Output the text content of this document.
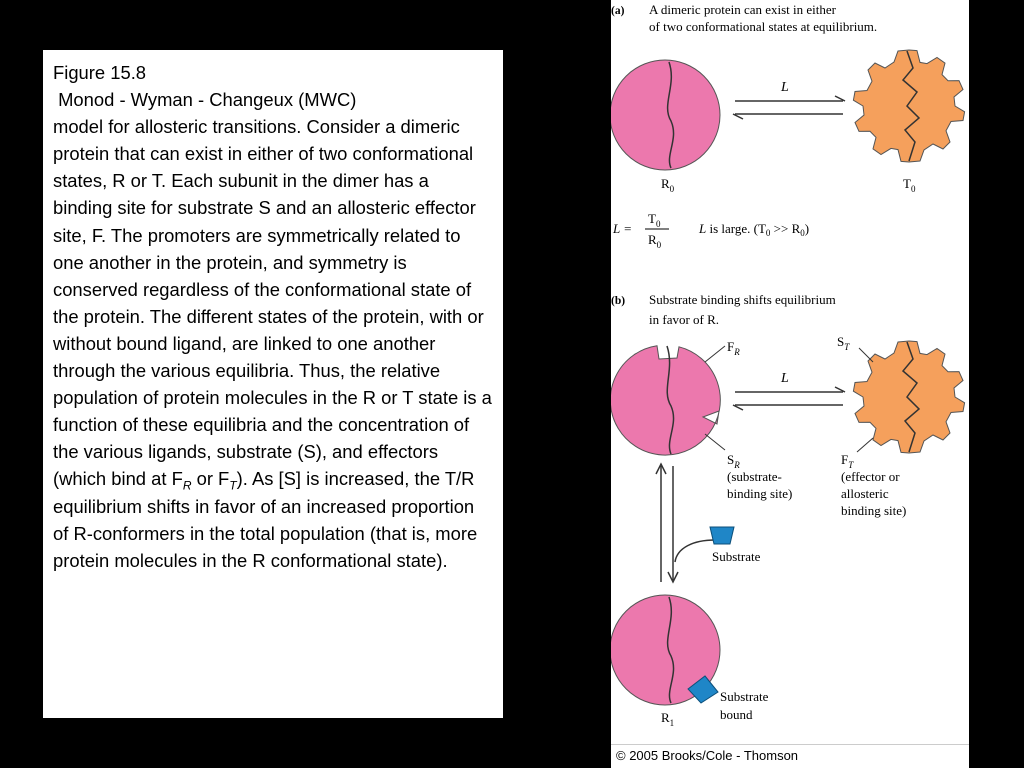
Figure 15.8

Monod - Wyman - Changeux (MWC)

model for allosteric transitions. Consider a dimeric protein that can exist in either of two conformational states, R or T. Each subunit in the dimer has a binding site for substrate S and an allosteric effector site, F. The promoters are symmetrically related to one another in the protein, and symmetry is conserved regardless of the conformational state of the protein. The different states of the protein, with or without bound ligand, are linked to one another through the various equilibria. Thus, the relative population of protein molecules in the R or T state is a function of these equilibria and the concentration of the various ligands, substrate (S), and effectors (which bind at $F_R$ or $F_T$). As [S] is increased, the T/R equilibrium shifts in favor of an increased proportion of R-conformers in the total population (that is, more protein molecules in the R conformational state).

(a) A dimeric protein can exist in either
of two conformational states at equilibrium.
L
$R_0$	$T_0$
L =
$T_0$
$R_0$
L is large. $(T_0 >> R_0)$
(b) Substrate binding shifts equilibrium
in favor of R.
L
$F_R$
$S_T$
$S_R$
(substrate-
binding site)
$F_T$
(effector or
allosteric
binding site)
Substrate
Substrate
bound
$R_1$
© 2005 Brooks/Cole - Thomson
